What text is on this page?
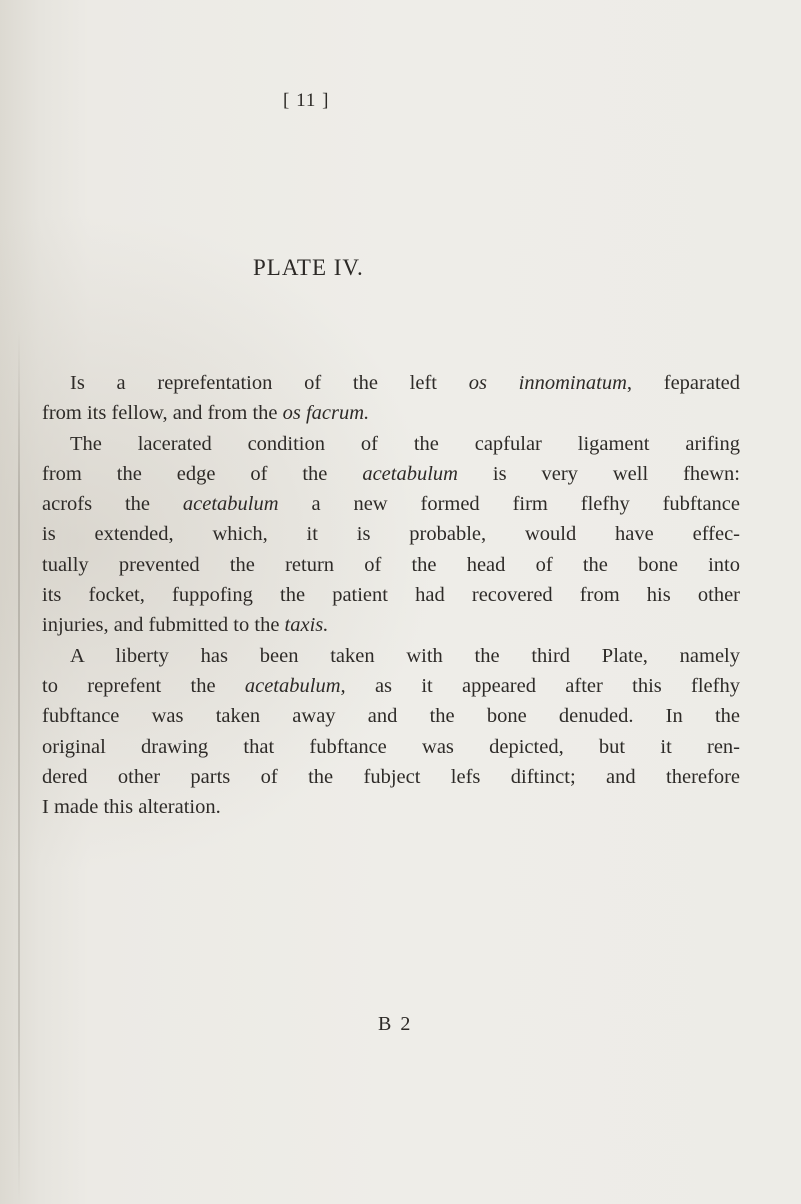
[ 11 ]
PLATE IV.

Is a reprefentation of the left os innominatum, feparated

from its fellow, and from the os facrum.

The lacerated condition of the capfular ligament arifing

from the edge of the acetabulum is very well fhewn:

acrofs the acetabulum a new formed firm flefhy fubftance

is extended, which, it is probable, would have effec-

tually prevented the return of the head of the bone into

its focket, fuppofing the patient had recovered from his other

injuries, and fubmitted to the taxis.

A liberty has been taken with the third Plate, namely

to reprefent the acetabulum, as it appeared after this flefhy

fubftance was taken away and the bone denuded. In the

original drawing that fubftance was depicted, but it ren-

dered other parts of the fubject lefs diftinct; and therefore

I made this alteration.

B 2
